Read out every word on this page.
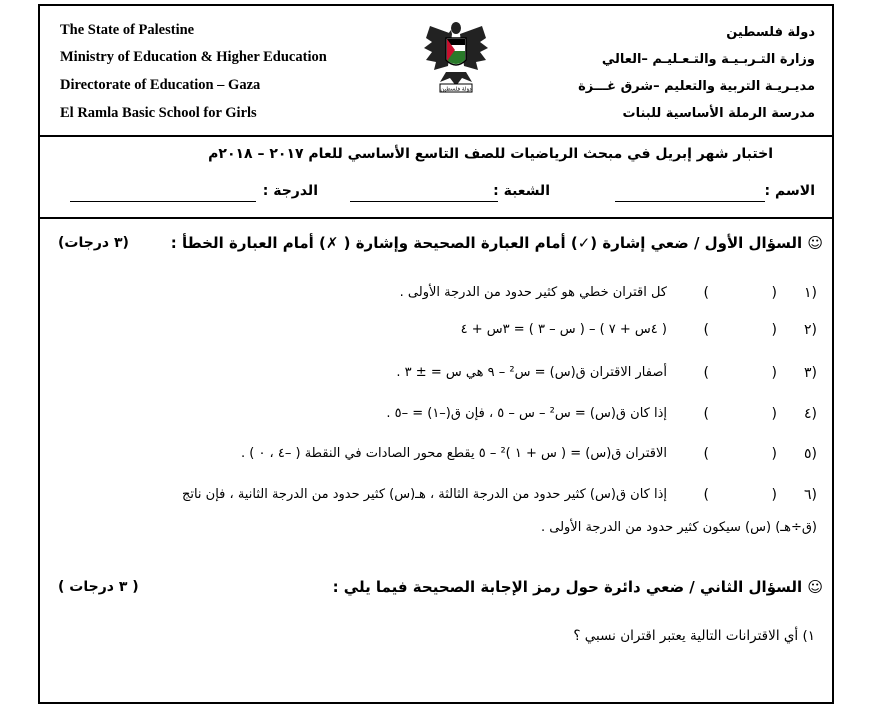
The State of Palestine
Ministry of Education & Higher Education
Directorate of Education – Gaza
El Ramla Basic School for Girls
دولة فلسطين
وزارة التـربـيـة والتـعـليـم –العالي
مديـريـة التربية والتعليم –شرق غـــزة
مدرسة الرملة الأساسية للبنات
دولة فلسطين
اختبار شهر إبريل في مبحث الرياضيات للصف التاسع الأساسي للعام ٢٠١٧ – ٢٠١٨م
الاسم :
الشعبة :
الدرجة :
☺ السؤال الأول / ضعي إشارة (✓) أمام العبارة الصحيحة وإشارة ( ✗) أمام العبارة الخطأ :
(٣ درجات)
١)
)
(
كل اقتران خطي هو كثير حدود من الدرجة الأولى .
٢)
)
(
( ٤س + ٧ ) – ( س – ٣ ) = ٣س + ٤
٣)
)
(
أصفار الاقتران ق(س) = س² – ٩ هي س = ± ٣ .
٤)
)
(
إذا كان ق(س) = س² – س – ٥ ، فإن ق(–١) = –٥ .
٥)
)
(
الاقتران ق(س) = ( س + ١ )² – ٥ يقطع محور الصادات في النقطة ( –٤ ، ٠ ) .
٦)
)
(
إذا كان ق(س) كثير حدود من الدرجة الثالثة ، هـ(س) كثير حدود من الدرجة الثانية ، فإن ناتج
(ق÷هـ) (س) سيكون كثير حدود من الدرجة الأولى .
☺ السؤال الثاني / ضعي دائرة حول رمز الإجابة الصحيحة فيما يلي :
( ٣ درجات )
١) أي الاقترانات التالية يعتبر اقتران نسبي ؟
